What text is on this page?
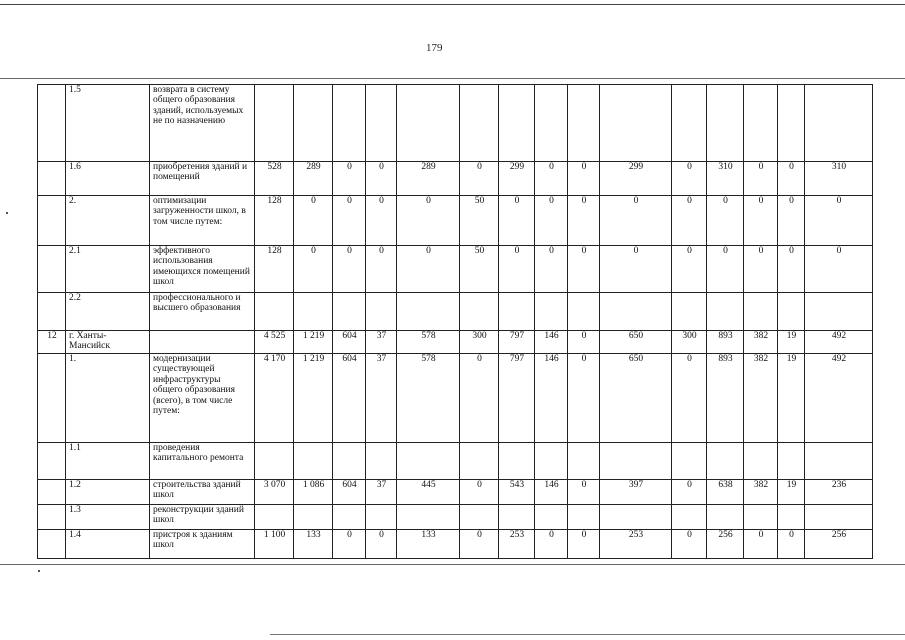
179
	1.5	возврата в систему общего образования зданий, используемых не по назначению															
	1.6	приобретения зданий и помещений	528	289	0	0	289	0	299	0	0	299	0	310	0	0	310
	2.	оптимизации загруженности школ, в том числе путем:	128	0	0	0	0	50	0	0	0	0	0	0	0	0	0
	2.1	эффективного использования имеющихся помещений школ	128	0	0	0	0	50	0	0	0	0	0	0	0	0	0
	2.2	профессионального и высшего образования															
12	г. Ханты-Мансийск		4 525	1 219	604	37	578	300	797	146	0	650	300	893	382	19	492
	1.	модернизации существующей инфраструктуры общего образования (всего), в том числе путем:	4 170	1 219	604	37	578	0	797	146	0	650	0	893	382	19	492
	1.1	проведения капитального ремонта															
	1.2	строительства зданий школ	3 070	1 086	604	37	445	0	543	146	0	397	0	638	382	19	236
	1.3	реконструкции зданий школ															
	1.4	пристроя к зданиям школ	1 100	133	0	0	133	0	253	0	0	253	0	256	0	0	256
